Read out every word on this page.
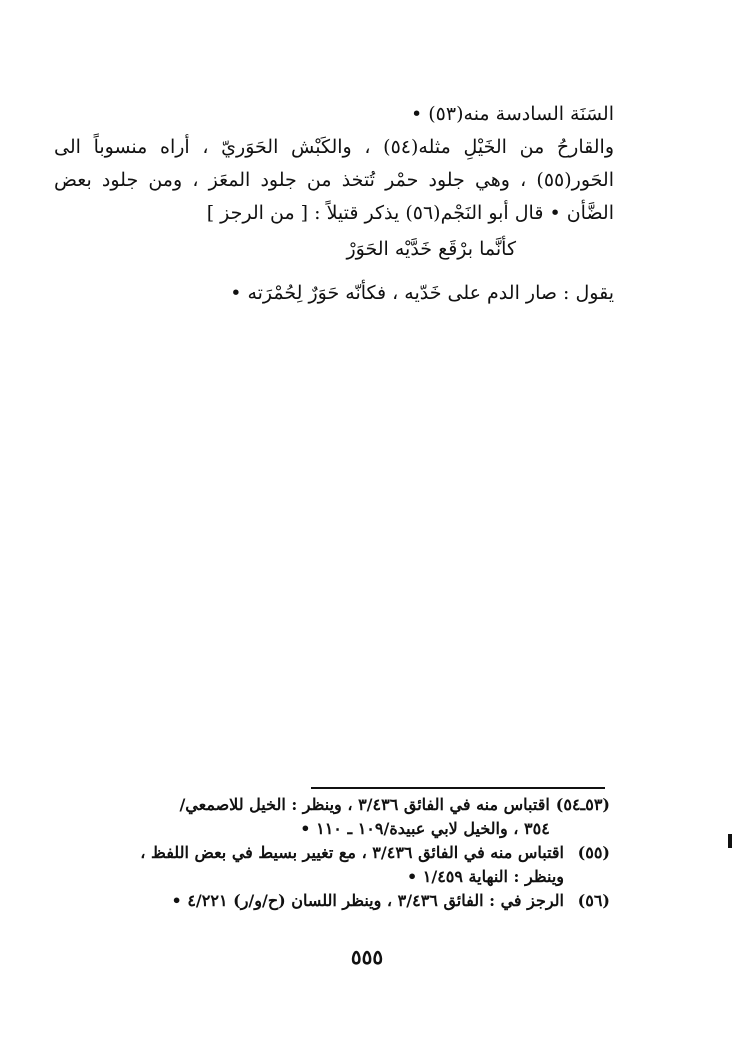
السَنَة السادسة منه(٥٣) •

والقارحُ من الخَيْلِ مثله(٥٤) ، والكَبْش الحَوَريّ ، أراه منسوباً الى الحَور(٥٥) ، وهي جلود حمْر تُتخذ من جلود المعَز ، ومن جلود بعض الضَّأن • قال أبو النَجْم(٥٦) يذكر قتيلاً : [ من الرجز ]

كأنَّما برْقَع خَدَّيْه الحَوَرْ
يقول : صار الدم على خَدّيه ، فكأنّه حَوَرٌ لِحُمْرَته •
(٥٣ـ٥٤)
اقتباس منه في الفائق ٣/٤٣٦ ، وينظر : الخيل للاصمعي/
٣٥٤ ، والخيل لابي عبيدة/١٠٩ ـ ١١٠ •
(٥٥)
اقتباس منه في الفائق ٣/٤٣٦ ، مع تغيير بسيط في بعض اللفظ ،
وينظر : النهاية ١/٤٥٩ •
(٥٦)
الرجز في : الفائق ٣/٤٣٦ ، وينظر اللسان (ح/و/ر) ٤/٢٢١ •
٥٥٥
